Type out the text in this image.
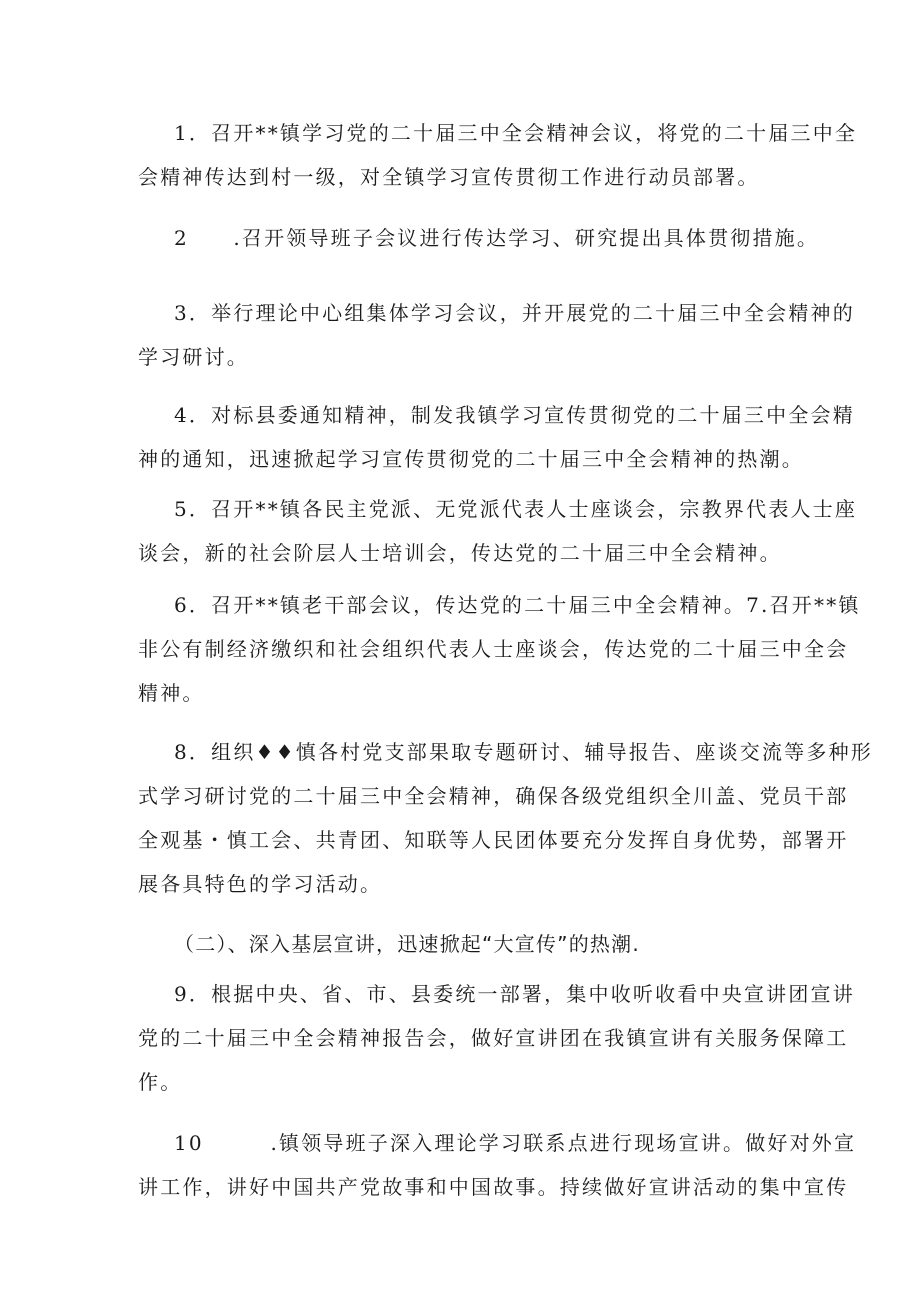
1．召开**镇学习党的二十届三中全会精神会议，将党的二十届三中全
会精神传达到村一级，对全镇学习宣传贯彻工作进行动员部署。
2　　.召开领导班子会议进行传达学习、研究提出具体贯彻措施。
3．举行理论中心组集体学习会议，并开展党的二十届三中全会精神的
学习研讨。
4．对标县委通知精神，制发我镇学习宣传贯彻党的二十届三中全会精
神的通知，迅速掀起学习宣传贯彻党的二十届三中全会精神的热潮。
5．召开**镇各民主党派、无党派代表人士座谈会，宗教界代表人士座
谈会，新的社会阶层人士培训会，传达党的二十届三中全会精神。
6．召开**镇老干部会议，传达党的二十届三中全会精神。7.召开**镇
非公有制经济缴织和社会组织代表人士座谈会，传达党的二十届三中全会
精神。
8．组织♦♦慎各村党支部果取专题研讨、辅导报告、座谈交流等多种形
式学习研讨党的二十届三中全会精神，确保各级党组织全川盖、党员干部
全观基・慎工会、共青团、知联等人民团体要充分发挥自身优势，部署开
展各具特色的学习活动。
（二）、深入基层宣讲，迅速掀起“大宣传”的热潮.
9．根据中央、省、市、县委统一部署，集中收听收看中央宣讲团宣讲
党的二十届三中全会精神报告会，做好宣讲团在我镇宣讲有关服务保障工
作。
10　　　.镇领导班子深入理论学习联系点进行现场宣讲。做好对外宣
讲工作，讲好中国共产党故事和中国故事。持续做好宣讲活动的集中宣传
